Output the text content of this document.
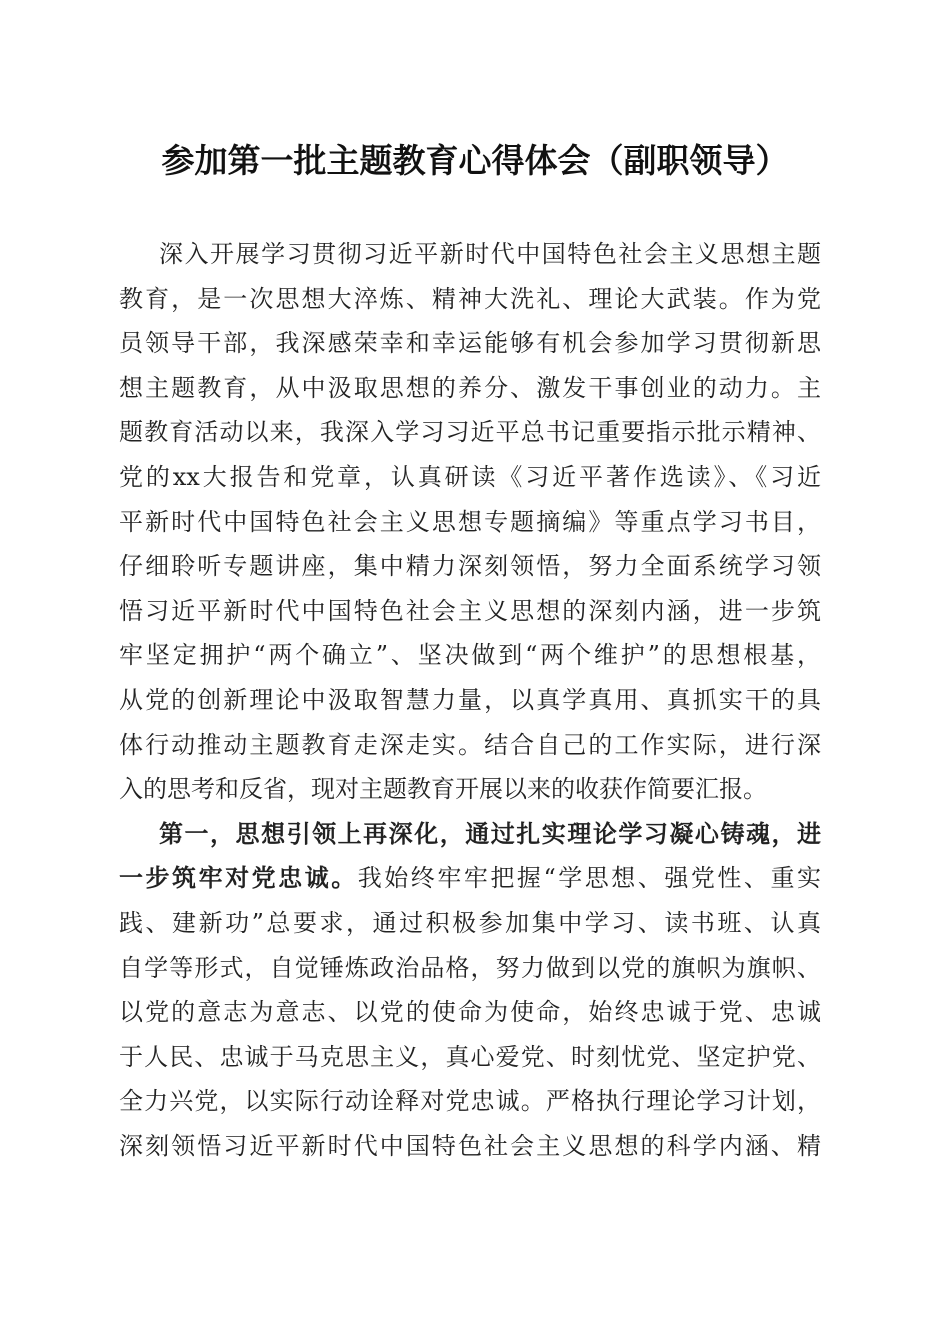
参加第一批主题教育心得体会（副职领导）
深入开展学习贯彻习近平新时代中国特色社会主义思想主题
教育，是一次思想大淬炼、精神大洗礼、理论大武装。作为党
员领导干部，我深感荣幸和幸运能够有机会参加学习贯彻新思
想主题教育，从中汲取思想的养分、激发干事创业的动力。主
题教育活动以来，我深入学习习近平总书记重要指示批示精神、
党的xx大报告和党章，认真研读《习近平著作选读》、《习近
平新时代中国特色社会主义思想专题摘编》等重点学习书目，
仔细聆听专题讲座，集中精力深刻领悟，努力全面系统学习领
悟习近平新时代中国特色社会主义思想的深刻内涵，进一步筑
牢坚定拥护“两个确立”、坚决做到“两个维护”的思想根基，
从党的创新理论中汲取智慧力量，以真学真用、真抓实干的具
体行动推动主题教育走深走实。结合自己的工作实际，进行深
入的思考和反省，现对主题教育开展以来的收获作简要汇报。
第一，思想引领上再深化，通过扎实理论学习凝心铸魂，进
一步筑牢对党忠诚。我始终牢牢把握“学思想、强党性、重实
践、建新功”总要求，通过积极参加集中学习、读书班、认真
自学等形式，自觉锤炼政治品格，努力做到以党的旗帜为旗帜、
以党的意志为意志、以党的使命为使命，始终忠诚于党、忠诚
于人民、忠诚于马克思主义，真心爱党、时刻忧党、坚定护党、
全力兴党，以实际行动诠释对党忠诚。严格执行理论学习计划，
深刻领悟习近平新时代中国特色社会主义思想的科学内涵、精
